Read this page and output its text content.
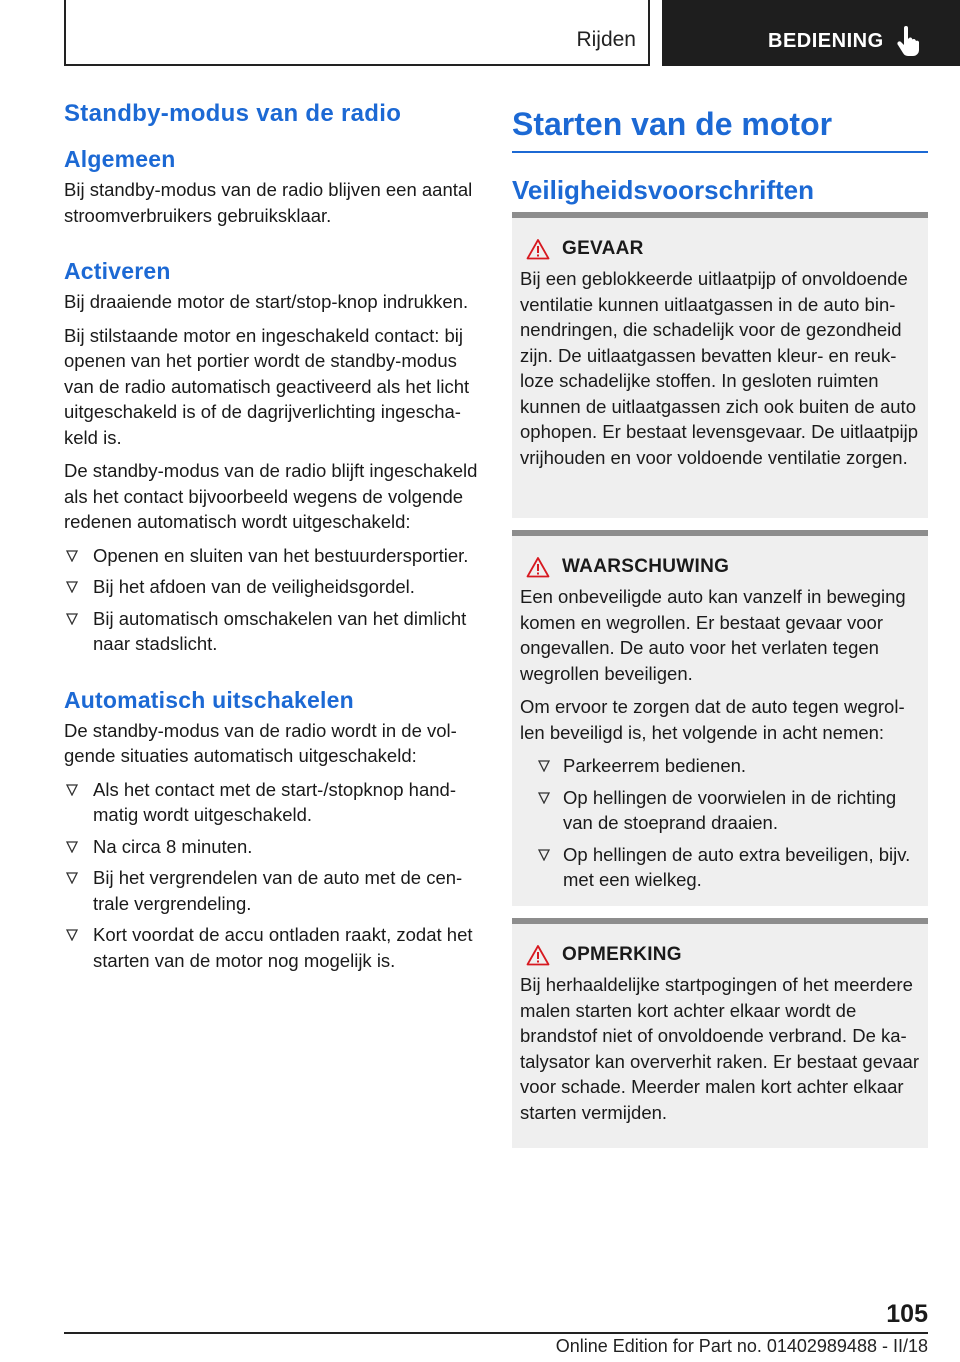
Rijden	BEDIENING
Standby-modus van de radio
Algemeen
Bij standby-modus van de radio blijven een aantal stroomverbruikers gebruiksklaar.
Activeren
Bij draaiende motor de start/stop-knop indrukken.
Bij stilstaande motor en ingeschakeld contact: bij openen van het portier wordt de standby-modus van de radio automatisch geactiveerd als het licht uitgeschakeld is of de dagrijverlichting ingeschakeld is.
De standby-modus van de radio blijft ingeschakeld als het contact bijvoorbeeld wegens de volgende redenen automatisch wordt uitgeschakeld:
Openen en sluiten van het bestuurdersportier.
Bij het afdoen van de veiligheidsgordel.
Bij automatisch omschakelen van het dimlicht naar stadslicht.
Automatisch uitschakelen
De standby-modus van de radio wordt in de volgende situaties automatisch uitgeschakeld:
Als het contact met de start-/stopknop handmatig wordt uitgeschakeld.
Na circa 8 minuten.
Bij het vergrendelen van de auto met de centrale vergrendeling.
Kort voordat de accu ontladen raakt, zodat het starten van de motor nog mogelijk is.
Starten van de motor
Veiligheidsvoorschriften
GEVAAR
Bij een geblokkeerde uitlaatpijp of onvoldoende ventilatie kunnen uitlaatgassen in de auto binnendringen, die schadelijk voor de gezondheid zijn. De uitlaatgassen bevatten kleur- en reukloze schadelijke stoffen. In gesloten ruimten kunnen de uitlaatgassen zich ook buiten de auto ophopen. Er bestaat levensgevaar. De uitlaatpijp vrijhouden en voor voldoende ventilatie zorgen.
WAARSCHUWING
Een onbeveiligde auto kan vanzelf in beweging komen en wegrollen. Er bestaat gevaar voor ongevallen. De auto voor het verlaten tegen wegrollen beveiligen.
Om ervoor te zorgen dat de auto tegen wegrollen beveiligd is, het volgende in acht nemen:
Parkeerrem bedienen.
Op hellingen de voorwielen in de richting van de stoeprand draaien.
Op hellingen de auto extra beveiligen, bijv. met een wielkeg.
OPMERKING
Bij herhaaldelijke startpogingen of het meerdere malen starten kort achter elkaar wordt de brandstof niet of onvoldoende verbrand. De katalysator kan oververhit raken. Er bestaat gevaar voor schade. Meerder malen kort achter elkaar starten vermijden.
105
Online Edition for Part no. 01402989488 - II/18
